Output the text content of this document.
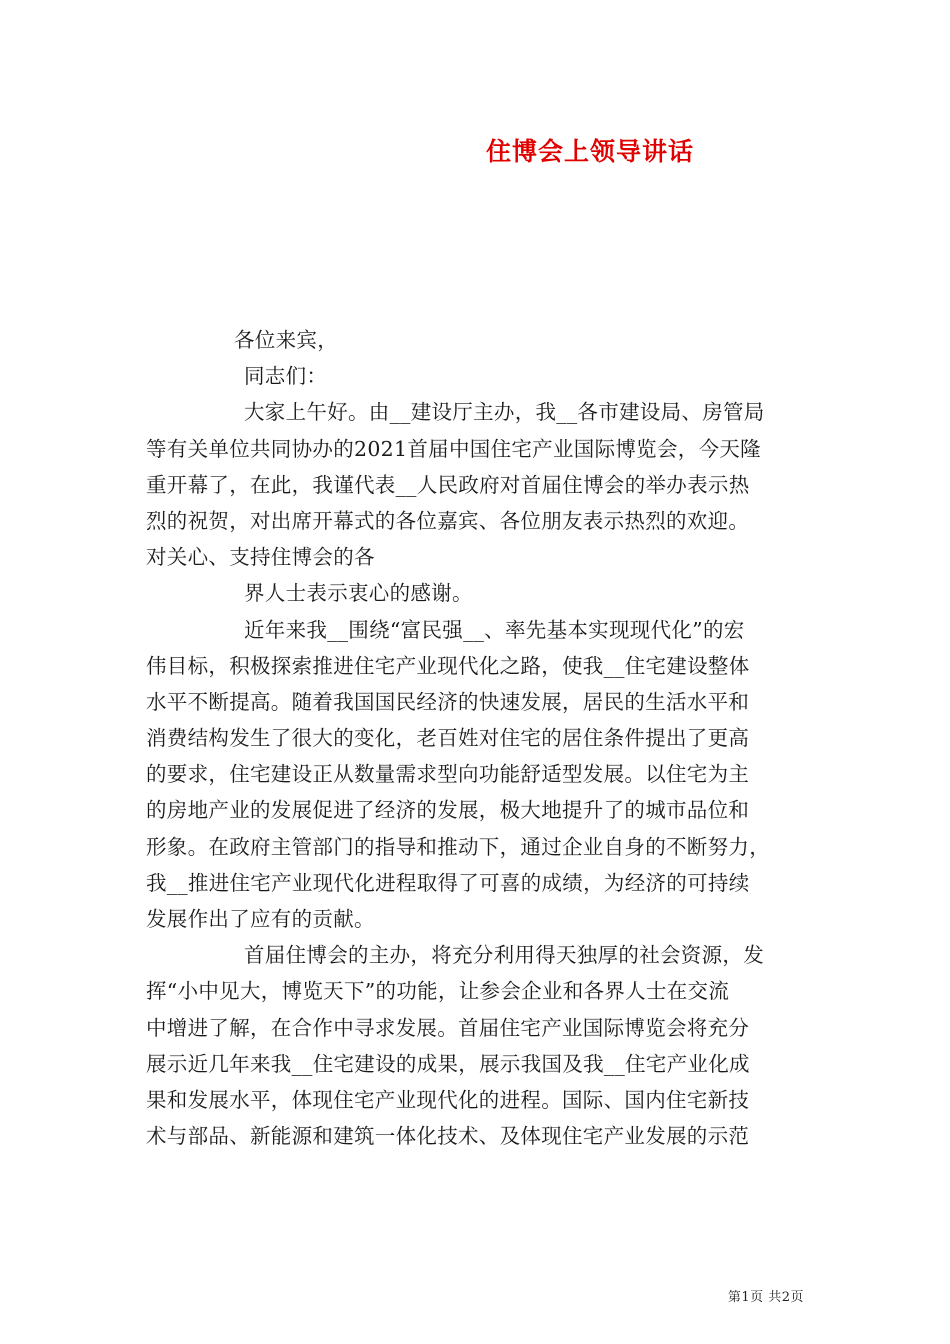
住博会上领导讲话
各位来宾，
同志们：
大家上午好。由__建设厅主办，我__各市建设局、房管局
等有关单位共同协办的2021首届中国住宅产业国际博览会，今天隆
重开幕了，在此，我谨代表__人民政府对首届住博会的举办表示热
烈的祝贺，对出席开幕式的各位嘉宾、各位朋友表示热烈的欢迎。
对关心、支持住博会的各
界人士表示衷心的感谢。
近年来我__围绕“富民强__、率先基本实现现代化”的宏
伟目标，积极探索推进住宅产业现代化之路，使我__住宅建设整体
水平不断提高。随着我国国民经济的快速发展，居民的生活水平和
消费结构发生了很大的变化，老百姓对住宅的居住条件提出了更高
的要求，住宅建设正从数量需求型向功能舒适型发展。以住宅为主
的房地产业的发展促进了经济的发展，极大地提升了的城市品位和
形象。在政府主管部门的指导和推动下，通过企业自身的不断努力，
我__推进住宅产业现代化进程取得了可喜的成绩，为经济的可持续
发展作出了应有的贡献。
首届住博会的主办，将充分利用得天独厚的社会资源，发
挥“小中见大，博览天下”的功能，让参会企业和各界人士在交流
中增进了解，在合作中寻求发展。首届住宅产业国际博览会将充分
展示近几年来我__住宅建设的成果，展示我国及我__住宅产业化成
果和发展水平，体现住宅产业现代化的进程。国际、国内住宅新技
术与部品、新能源和建筑一体化技术、及体现住宅产业发展的示范
第1页 共2页
